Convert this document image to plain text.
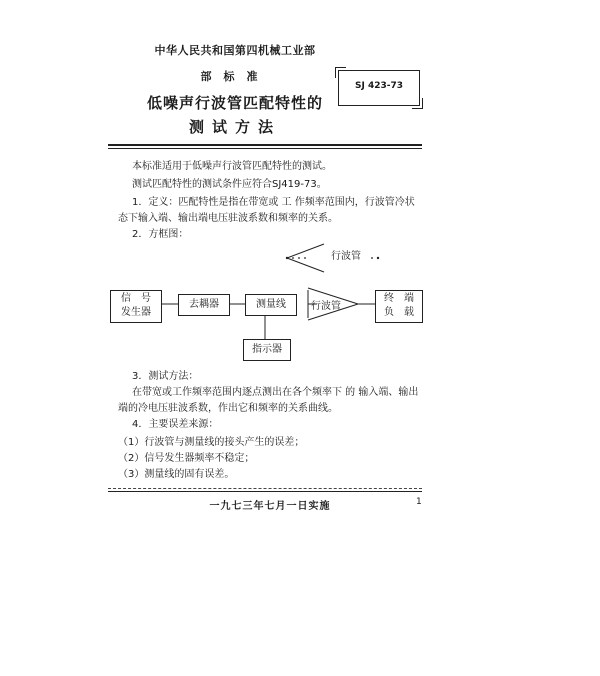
中华人民共和国第四机械工业部
部标准
低噪声行波管匹配特性的
测试方法
SJ 423-73
本标准适用于低噪声行波管匹配特性的测试。
测试匹配特性的测试条件应符合SJ419-73。
1．定义：匹配特性是指在带宽或 工 作频率范围内，行波管冷状
态下输入端、输出端电压驻波系数和频率的关系。
2．方框图：
行波管
信　号
发生器
去耦器	测量线	行波管
终　端
负　载
指示器
3．测试方法：
在带宽或工作频率范围内逐点测出在各个频率下 的 输入端、输出
端的冷电压驻波系数，作出它和频率的关系曲线。
4．主要误差来源：
（1）行波管与测量线的接头产生的误差；
（2）信号发生器频率不稳定；
（3）测量线的固有误差。
一九七三年七月一日实施	1
